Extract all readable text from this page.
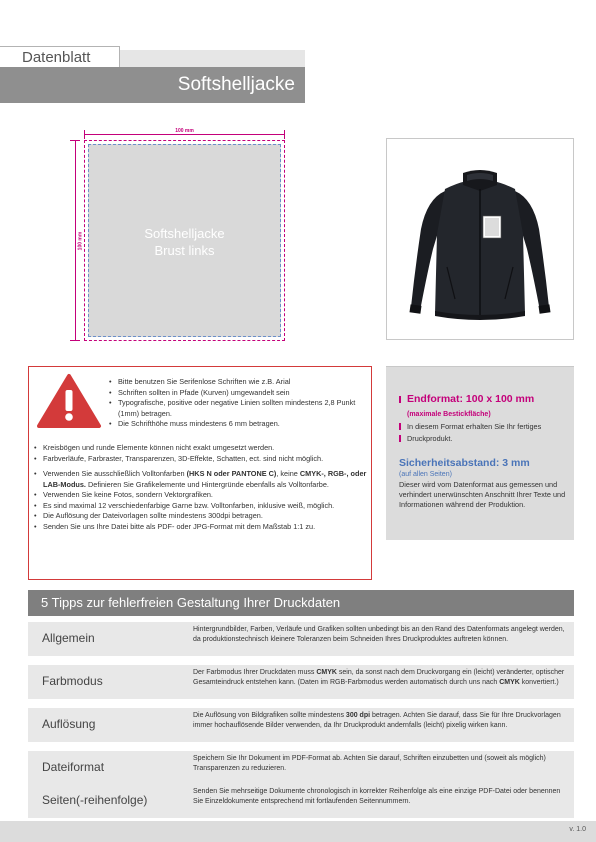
Datenblatt
Softshelljacke
100 mm
100 mm	Softshelljacke
Brust links
• Bitte benutzen Sie Serifenlose Schriften wie z.B. Arial
• Schriften sollten in Pfade (Kurven) umgewandelt sein
• Typografische, positive oder negative Linien sollten mindestens 2,8 Punkt (1mm) betragen.
• Die Schrifthöhe muss mindestens 6 mm betragen.
• Kreisbögen und runde Elemente können nicht exakt umgesetzt werden.
• Farbverläufe, Farbraster, Transparenzen, 3D-Effekte, Schatten, ect. sind nicht möglich.
• Verwenden Sie ausschließlich Volltonfarben (HKS N oder PANTONE C), keine CMYK-, RGB-, oder LAB-Modus. Definieren Sie Grafikelemente und Hintergründe ebenfalls als Volltonfarbe.
• Verwenden Sie keine Fotos, sondern Vektorgrafiken.
• Es sind maximal 12 verschiedenfarbige Garne bzw. Volltonfarben, inklusive weiß, möglich.
• Die Auflösung der Dateivorlagen sollte mindestens 300dpi betragen.
• Senden Sie uns Ihre Datei bitte als PDF- oder JPG-Format mit dem Maßstab 1:1 zu.
Endformat: 100 x 100 mm
(maximale Bestickfläche)
In diesem Format erhalten Sie Ihr fertiges
Druckprodukt.
Sicherheitsabstand: 3 mm
(auf allen Seiten)
Dieser wird vom Datenformat aus gemessen und verhindert unerwünschten Anschnitt Ihrer Texte und Informationen während der Produktion.
5 Tipps zur fehlerfreien Gestaltung Ihrer Druckdaten
Allgemein
Hintergrundbilder, Farben, Verläufe und Grafiken sollten unbedingt bis an den Rand des Datenformats angelegt werden, da produktionstechnisch kleinere Toleranzen beim Schneiden Ihres Druckproduktes auftreten können.
Farbmodus
Der Farbmodus Ihrer Druckdaten muss CMYK sein, da sonst nach dem Druckvorgang ein (leicht) veränderter, optischer Gesamteindruck entstehen kann. (Daten im RGB-Farbmodus werden automatisch durch uns nach CMYK konvertiert.)
Auflösung
Die Auflösung von Bildgrafiken sollte mindestens 300 dpi betragen. Achten Sie darauf, dass Sie für Ihre Druckvorlagen immer hochauflösende Bilder verwenden, da Ihr Druckprodukt andernfalls (leicht) pixelig wirken kann.
Dateiformat
Speichern Sie Ihr Dokument im PDF-Format ab. Achten Sie darauf, Schriften einzubetten und (soweit als möglich) Transparenzen zu reduzieren.
Seiten(-reihenfolge)
Senden Sie mehrseitige Dokumente chronologisch in korrekter Reihenfolge als eine einzige PDF-Datei oder benennen Sie Einzeldokumente entsprechend mit fortlaufenden Seitennummern.
v. 1.0
